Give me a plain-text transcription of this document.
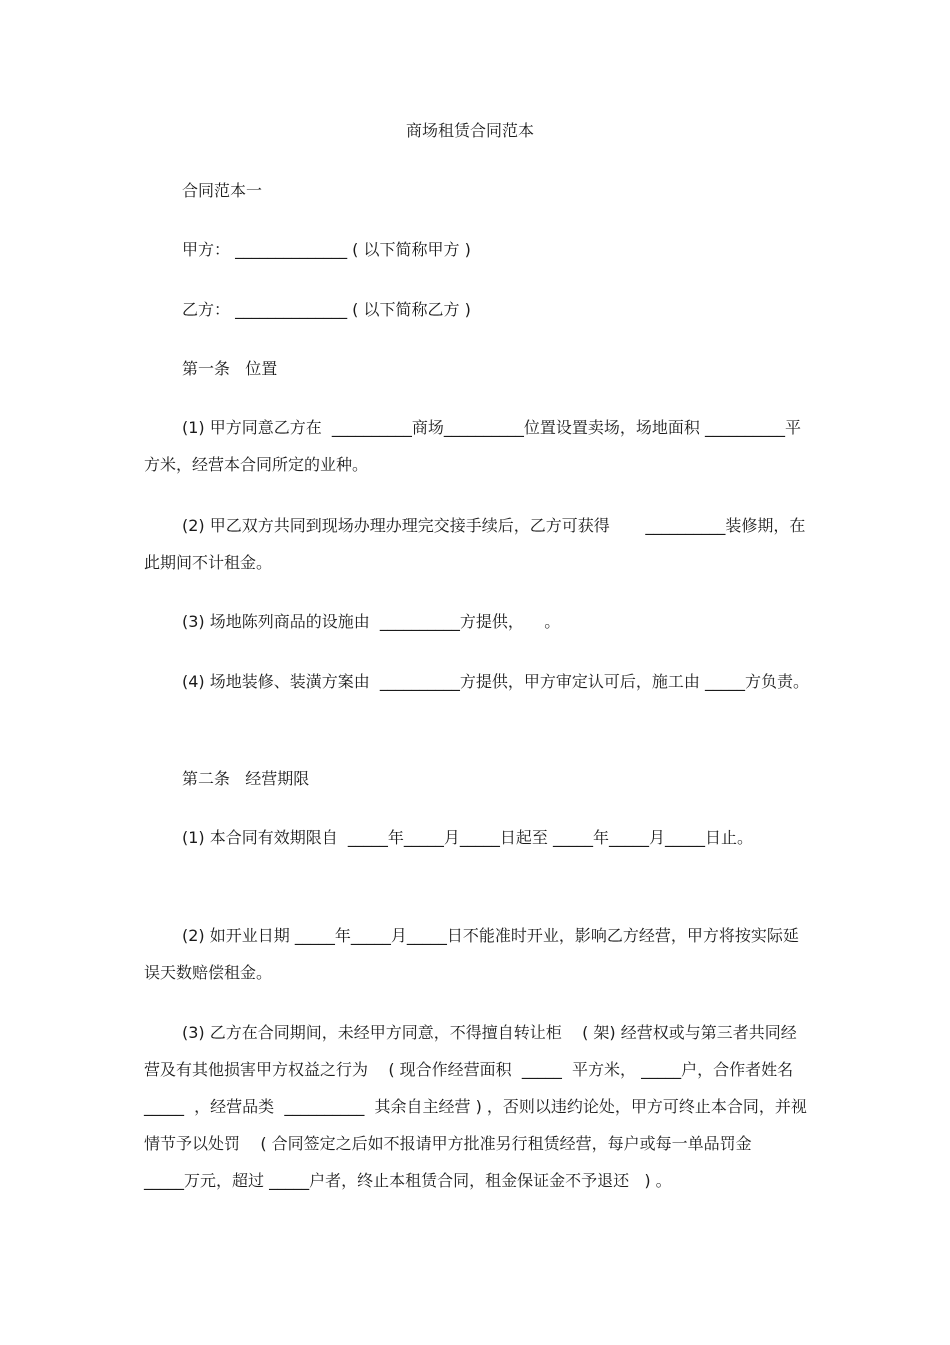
商场租赁合同范本
合同范本一
甲方： ______________ ( 以下简称甲方 )
乙方： ______________ ( 以下简称乙方 )
第一条   位置
(1) 甲方同意乙方在  __________商场__________位置设置卖场，场地面积 __________平方米，经营本合同所定的业种。
(2) 甲乙双方共同到现场办理办理完交接手续后，乙方可获得       __________装修期，在此期间不计租金。
(3) 场地陈列商品的设施由  __________方提供，    。
(4) 场地装修、装潢方案由  __________方提供，甲方审定认可后，施工由 _____方负责。
第二条   经营期限
(1) 本合同有效期限自  _____年_____月_____日起至 _____年_____月_____日止。
(2) 如开业日期 _____年_____月_____日不能准时开业，影响乙方经营，甲方将按实际延误天数赔偿租金。
(3) 乙方在合同期间，未经甲方同意，不得擅自转让柜    ( 架) 经营权或与第三者共同经营及有其他损害甲方权益之行为    ( 现合作经营面积  _____  平方米， _____户，合作者姓名  _____  ，经营品类  __________  其余自主经营 ) ，否则以违约论处，甲方可终止本合同，并视情节予以处罚    ( 合同签定之后如不报请甲方批准另行租赁经营，每户或每一单品罚金     _____万元，超过 _____户者，终止本租赁合同，租金保证金不予退还   ) 。
